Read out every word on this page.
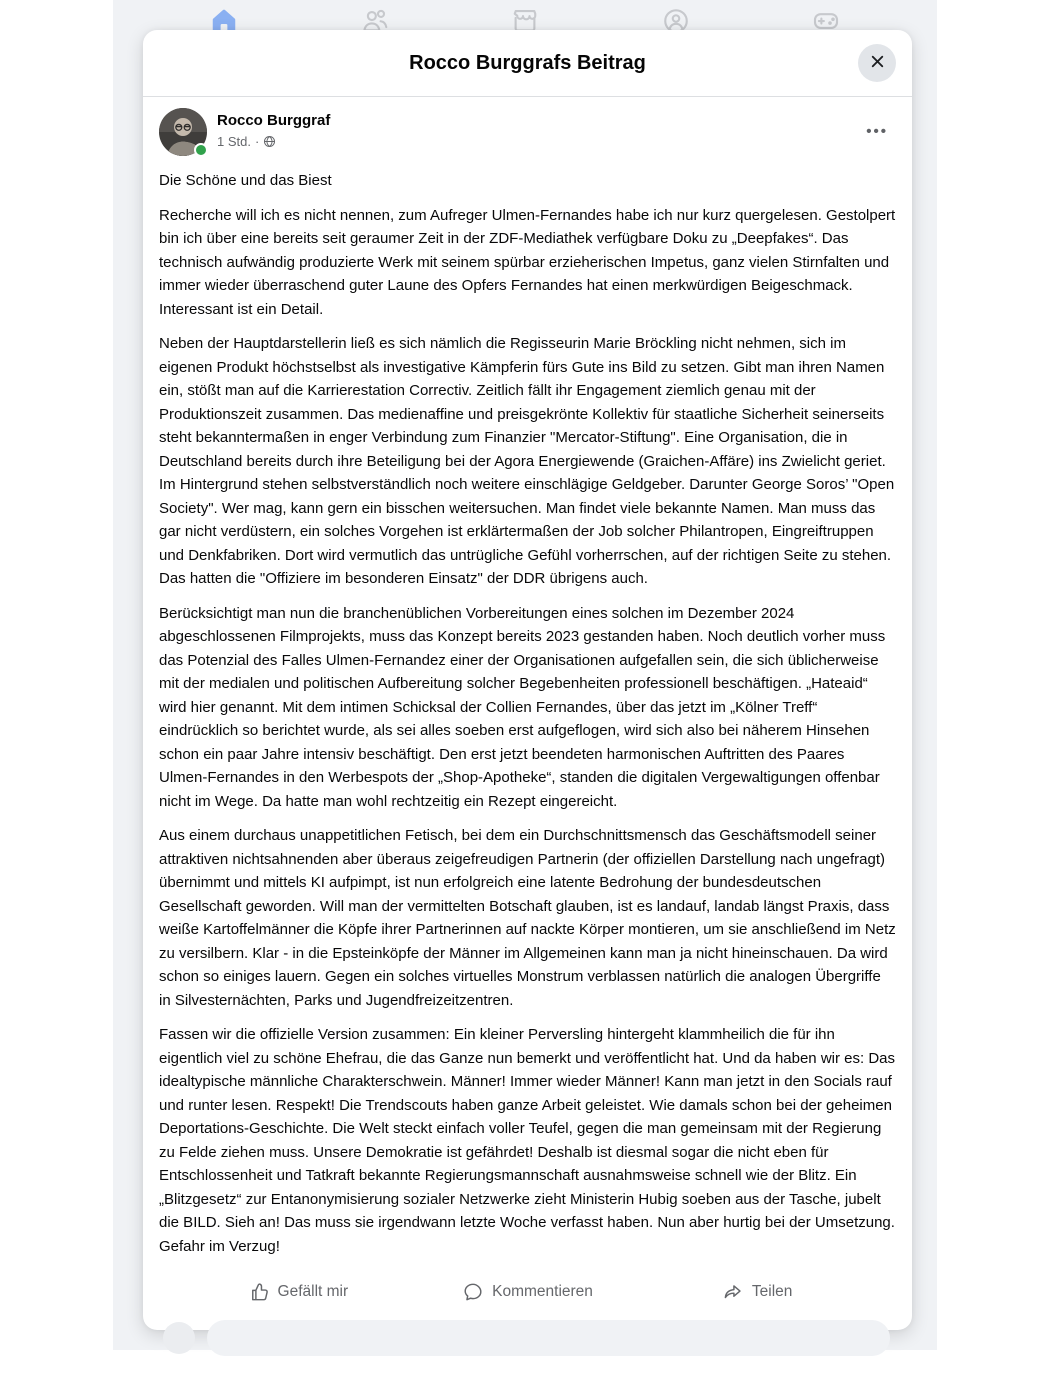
Rocco Burggrafs Beitrag
Rocco Burggraf
1 Std. ·
•••

Die Schöne und das Biest

Recherche will ich es nicht nennen, zum Aufreger Ulmen-Fernandes habe ich nur kurz quergelesen. Gestolpert bin ich über eine bereits seit geraumer Zeit in der ZDF-Mediathek verfügbare Doku zu „Deepfakes“. Das technisch aufwändig produzierte Werk mit seinem spürbar erzieherischen Impetus, ganz vielen Stirnfalten und immer wieder überraschend guter Laune des Opfers Fernandes hat einen merkwürdigen Beigeschmack. Interessant ist ein Detail.

Neben der Hauptdarstellerin ließ es sich nämlich die Regisseurin Marie Bröckling nicht nehmen, sich im eigenen Produkt höchstselbst als investigative Kämpferin fürs Gute ins Bild zu setzen. Gibt man ihren Namen ein, stößt man auf die Karrierestation Correctiv. Zeitlich fällt ihr Engagement ziemlich genau mit der Produktionszeit zusammen. Das medienaffine und preisgekrönte Kollektiv für staatliche Sicherheit seinerseits steht bekanntermaßen in enger Verbindung zum Finanzier "Mercator-Stiftung". Eine Organisation, die in Deutschland bereits durch ihre Beteiligung bei der Agora Energiewende (Graichen-Affäre) ins Zwielicht geriet. Im Hintergrund stehen selbstverständlich noch weitere einschlägige Geldgeber. Darunter George Soros’ "Open Society". Wer mag, kann gern ein bisschen weitersuchen. Man findet viele bekannte Namen. Man muss das gar nicht verdüstern, ein solches Vorgehen ist erklärtermaßen der Job solcher Philantropen, Eingreiftruppen und Denkfabriken. Dort wird vermutlich das untrügliche Gefühl vorherrschen, auf der richtigen Seite zu stehen. Das hatten die "Offiziere im besonderen Einsatz" der DDR übrigens auch.

Berücksichtigt man nun die branchenüblichen Vorbereitungen eines solchen im Dezember 2024 abgeschlossenen Filmprojekts, muss das Konzept bereits 2023 gestanden haben. Noch deutlich vorher muss das Potenzial des Falles Ulmen-Fernandez einer der Organisationen aufgefallen sein, die sich üblicherweise mit der medialen und politischen Aufbereitung solcher Begebenheiten professionell beschäftigen. „Hateaid“ wird hier genannt. Mit dem intimen Schicksal der Collien Fernandes, über das jetzt im „Kölner Treff“ eindrücklich so berichtet wurde, als sei alles soeben erst aufgeflogen, wird sich also bei näherem Hinsehen schon ein paar Jahre intensiv beschäftigt. Den erst jetzt beendeten harmonischen Auftritten des Paares Ulmen-Fernandes in den Werbespots der „Shop-Apotheke“, standen die digitalen Vergewaltigungen offenbar nicht im Wege. Da hatte man wohl rechtzeitig ein Rezept eingereicht.

Aus einem durchaus unappetitlichen Fetisch, bei dem ein Durchschnittsmensch das Geschäftsmodell seiner attraktiven nichtsahnenden aber überaus zeigefreudigen Partnerin (der offiziellen Darstellung nach ungefragt) übernimmt und mittels KI aufpimpt, ist nun erfolgreich eine latente Bedrohung der bundesdeutschen Gesellschaft geworden. Will man der vermittelten Botschaft glauben, ist es landauf, landab längst Praxis, dass weiße Kartoffelmänner die Köpfe ihrer Partnerinnen auf nackte Körper montieren, um sie anschließend im Netz zu versilbern. Klar - in die Epsteinköpfe der Männer im Allgemeinen kann man ja nicht hineinschauen. Da wird schon so einiges lauern. Gegen ein solches virtuelles Monstrum verblassen natürlich die analogen Übergriffe in Silvesternächten, Parks und Jugendfreizeitzentren.

Fassen wir die offizielle Version zusammen: Ein kleiner Perversling hintergeht klammheilich die für ihn eigentlich viel zu schöne Ehefrau, die das Ganze nun bemerkt und veröffentlicht hat. Und da haben wir es: Das idealtypische männliche Charakterschwein. Männer! Immer wieder Männer! Kann man jetzt in den Socials rauf und runter lesen. Respekt! Die Trendscouts haben ganze Arbeit geleistet. Wie damals schon bei der geheimen Deportations-Geschichte. Die Welt steckt einfach voller Teufel, gegen die man gemeinsam mit der Regierung zu Felde ziehen muss. Unsere Demokratie ist gefährdet! Deshalb ist diesmal sogar die nicht eben für Entschlossenheit und Tatkraft bekannte Regierungsmannschaft ausnahmsweise schnell wie der Blitz. Ein „Blitzgesetz“ zur Entanonymisierung sozialer Netzwerke zieht Ministerin Hubig soeben aus der Tasche, jubelt die BILD. Sieh an! Das muss sie irgendwann letzte Woche verfasst haben. Nun aber hurtig bei der Umsetzung. Gefahr im Verzug!

Gefällt mir	Kommentieren	Teilen
